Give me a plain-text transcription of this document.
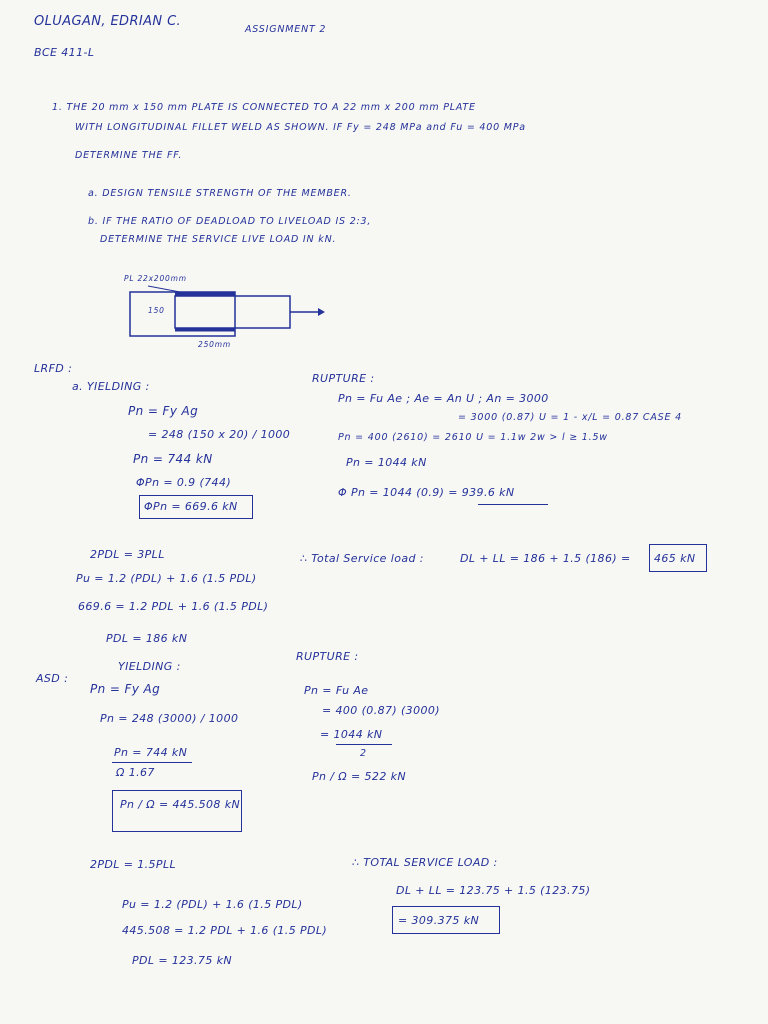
OLUAGAN, EDRIAN C.
ASSIGNMENT 2
BCE 411-L
1. THE 20 mm x 150 mm PLATE IS CONNECTED TO A 22 mm x 200 mm PLATE
WITH LONGITUDINAL FILLET WELD AS SHOWN. IF Fy = 248 MPa and Fu = 400 MPa
DETERMINE THE FF.
a. DESIGN TENSILE STRENGTH OF THE MEMBER.
b. IF THE RATIO OF DEADLOAD TO LIVELOAD IS 2:3,
DETERMINE THE SERVICE LIVE LOAD IN kN.
PL 22x200mm
150
250mm
LRFD :
a. YIELDING :
Pn = Fy Ag
= 248 (150 x 20) / 1000
Pn = 744 kN
ΦPn = 0.9 (744)
ΦPn = 669.6 kN
RUPTURE :
Pn = Fu Ae ; Ae = An U ; An = 3000
= 3000 (0.87) U = 1 - x/L = 0.87 CASE 4
Pn = 400 (2610) = 2610 U = 1.1w 2w > l ≥ 1.5w
Pn = 1044 kN
Φ Pn = 1044 (0.9) = 939.6 kN
2PDL = 3PLL
Pu = 1.2 (PDL) + 1.6 (1.5 PDL)
669.6 = 1.2 PDL + 1.6 (1.5 PDL)
PDL = 186 kN
∴ Total Service load :	DL + LL = 186 + 1.5 (186) = 465 kN
YIELDING :
ASD :
Pn = Fy Ag
Pn = 248 (3000) / 1000
Pn = 744 kN
Ω 1.67
Pn / Ω = 445.508 kN
RUPTURE :
Pn = Fu Ae
= 400 (0.87) (3000)
= 1044 kN
2
Pn / Ω = 522 kN
2PDL = 1.5PLL
Pu = 1.2 (PDL) + 1.6 (1.5 PDL)
445.508 = 1.2 PDL + 1.6 (1.5 PDL)
PDL = 123.75 kN
∴ TOTAL SERVICE LOAD :
DL + LL = 123.75 + 1.5 (123.75)
= 309.375 kN
